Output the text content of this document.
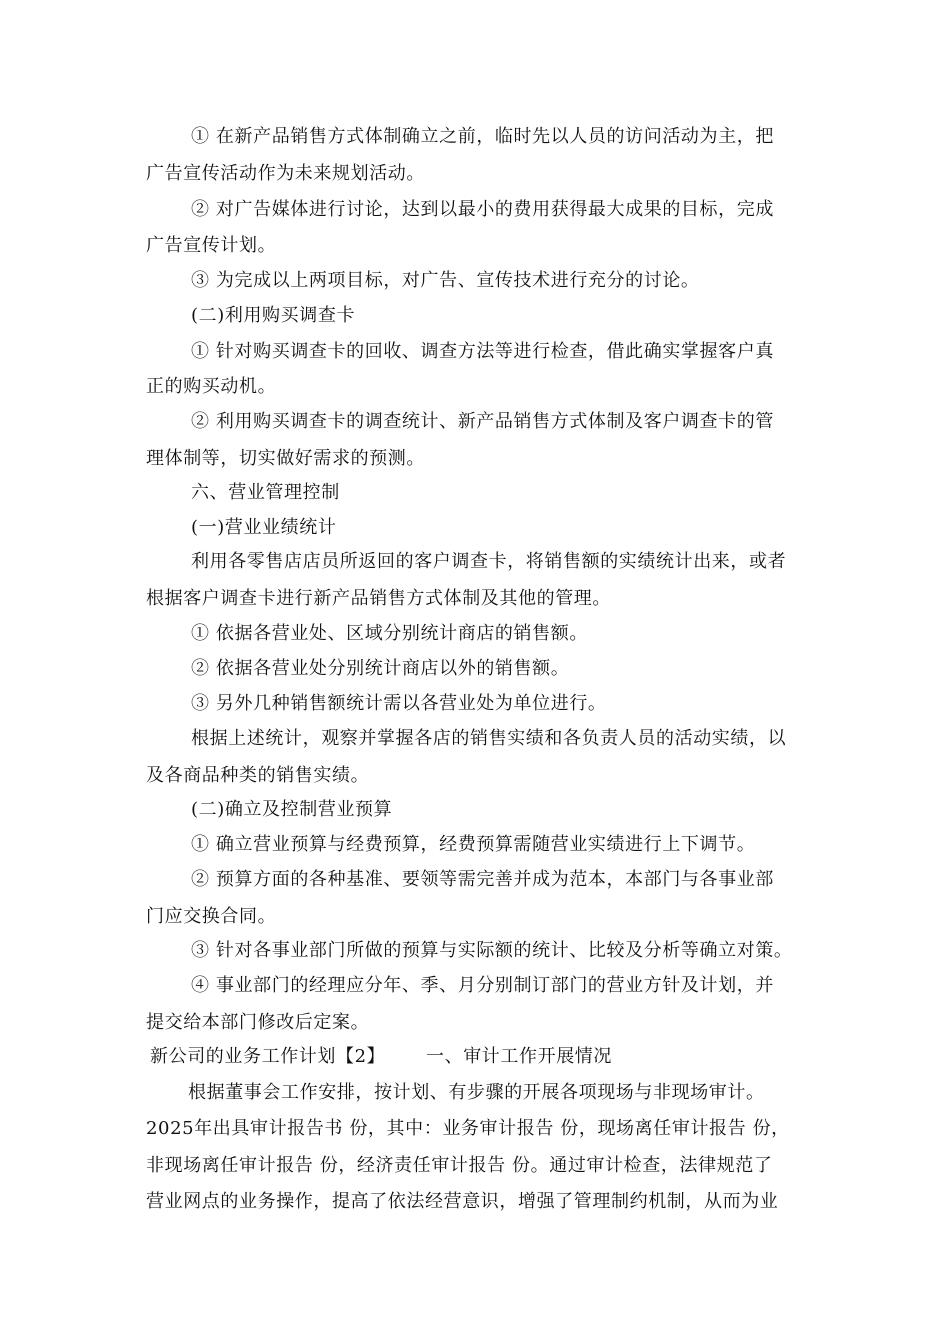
① 在新产品销售方式体制确立之前，临时先以人员的访问活动为主，把
广告宣传活动作为未来规划活动。
② 对广告媒体进行讨论，达到以最小的费用获得最大成果的目标，完成
广告宣传计划。
③ 为完成以上两项目标，对广告、宣传技术进行充分的讨论。
(二)利用购买调查卡
① 针对购买调查卡的回收、调查方法等进行检查，借此确实掌握客户真
正的购买动机。
② 利用购买调查卡的调查统计、新产品销售方式体制及客户调查卡的管
理体制等，切实做好需求的预测。
六、营业管理控制
(一)营业业绩统计
利用各零售店店员所返回的客户调查卡，将销售额的实绩统计出来，或者
根据客户调查卡进行新产品销售方式体制及其他的管理。
① 依据各营业处、区域分别统计商店的销售额。
② 依据各营业处分别统计商店以外的销售额。
③ 另外几种销售额统计需以各营业处为单位进行。
根据上述统计，观察并掌握各店的销售实绩和各负责人员的活动实绩，以
及各商品种类的销售实绩。
(二)确立及控制营业预算
① 确立营业预算与经费预算，经费预算需随营业实绩进行上下调节。
② 预算方面的各种基准、要领等需完善并成为范本，本部门与各事业部
门应交换合同。
③ 针对各事业部门所做的预算与实际额的统计、比较及分析等确立对策。
④ 事业部门的经理应分年、季、月分别制订部门的营业方针及计划，并
提交给本部门修改后定案。
新公司的业务工作计划【2】	一、审计工作开展情况
根据董事会工作安排，按计划、有步骤的开展各项现场与非现场审计。
2025年出具审计报告书 份，其中：业务审计报告 份，现场离任审计报告 份，
非现场离任审计报告 份，经济责任审计报告 份。通过审计检查，法律规范了
营业网点的业务操作，提高了依法经营意识，增强了管理制约机制，从而为业
